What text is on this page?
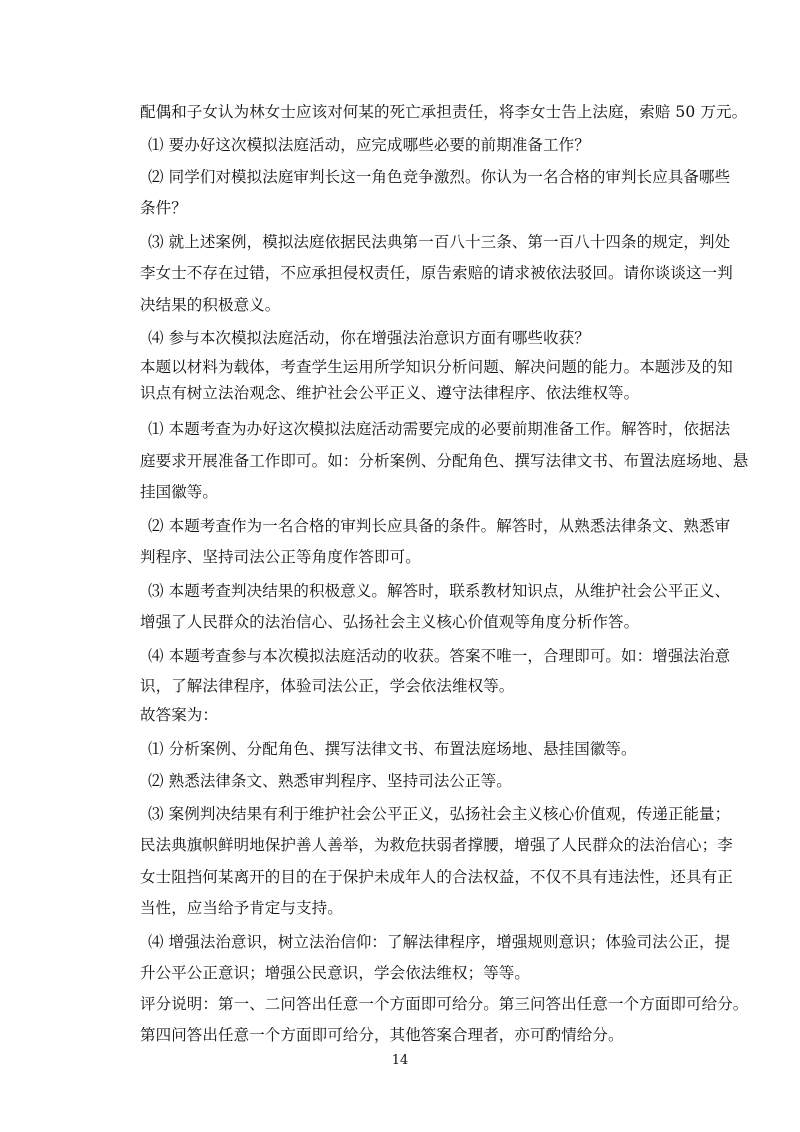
配偶和子女认为林女士应该对何某的死亡承担责任，将李女士告上法庭，索赔 50 万元。
⑴ 要办好这次模拟法庭活动，应完成哪些必要的前期准备工作？
⑵ 同学们对模拟法庭审判长这一角色竞争激烈。你认为一名合格的审判长应具备哪些
条件？
⑶ 就上述案例，模拟法庭依据民法典第一百八十三条、第一百八十四条的规定，判处
李女士不存在过错，不应承担侵权责任，原告索赔的请求被依法驳回。请你谈谈这一判
决结果的积极意义。
⑷ 参与本次模拟法庭活动，你在增强法治意识方面有哪些收获？
本题以材料为载体，考查学生运用所学知识分析问题、解决问题的能力。本题涉及的知
识点有树立法治观念、维护社会公平正义、遵守法律程序、依法维权等。
⑴ 本题考查为办好这次模拟法庭活动需要完成的必要前期准备工作。解答时，依据法
庭要求开展准备工作即可。如：分析案例、分配角色、撰写法律文书、布置法庭场地、悬
挂国徽等。
⑵ 本题考查作为一名合格的审判长应具备的条件。解答时，从熟悉法律条文、熟悉审
判程序、坚持司法公正等角度作答即可。
⑶ 本题考查判决结果的积极意义。解答时，联系教材知识点，从维护社会公平正义、
增强了人民群众的法治信心、弘扬社会主义核心价值观等角度分析作答。
⑷ 本题考查参与本次模拟法庭活动的收获。答案不唯一，合理即可。如：增强法治意
识，了解法律程序，体验司法公正，学会依法维权等。
故答案为：
⑴ 分析案例、分配角色、撰写法律文书、布置法庭场地、悬挂国徽等。
⑵ 熟悉法律条文、熟悉审判程序、坚持司法公正等。
⑶ 案例判决结果有利于维护社会公平正义，弘扬社会主义核心价值观，传递正能量；
民法典旗帜鲜明地保护善人善举，为救危扶弱者撑腰，增强了人民群众的法治信心；李
女士阻挡何某离开的目的在于保护未成年人的合法权益，不仅不具有违法性，还具有正
当性，应当给予肯定与支持。
⑷ 增强法治意识，树立法治信仰：了解法律程序，增强规则意识；体验司法公正，提
升公平公正意识；增强公民意识，学会依法维权；等等。
评分说明：第一、二问答出任意一个方面即可给分。第三问答出任意一个方面即可给分。
第四问答出任意一个方面即可给分，其他答案合理者，亦可酌情给分。
14
